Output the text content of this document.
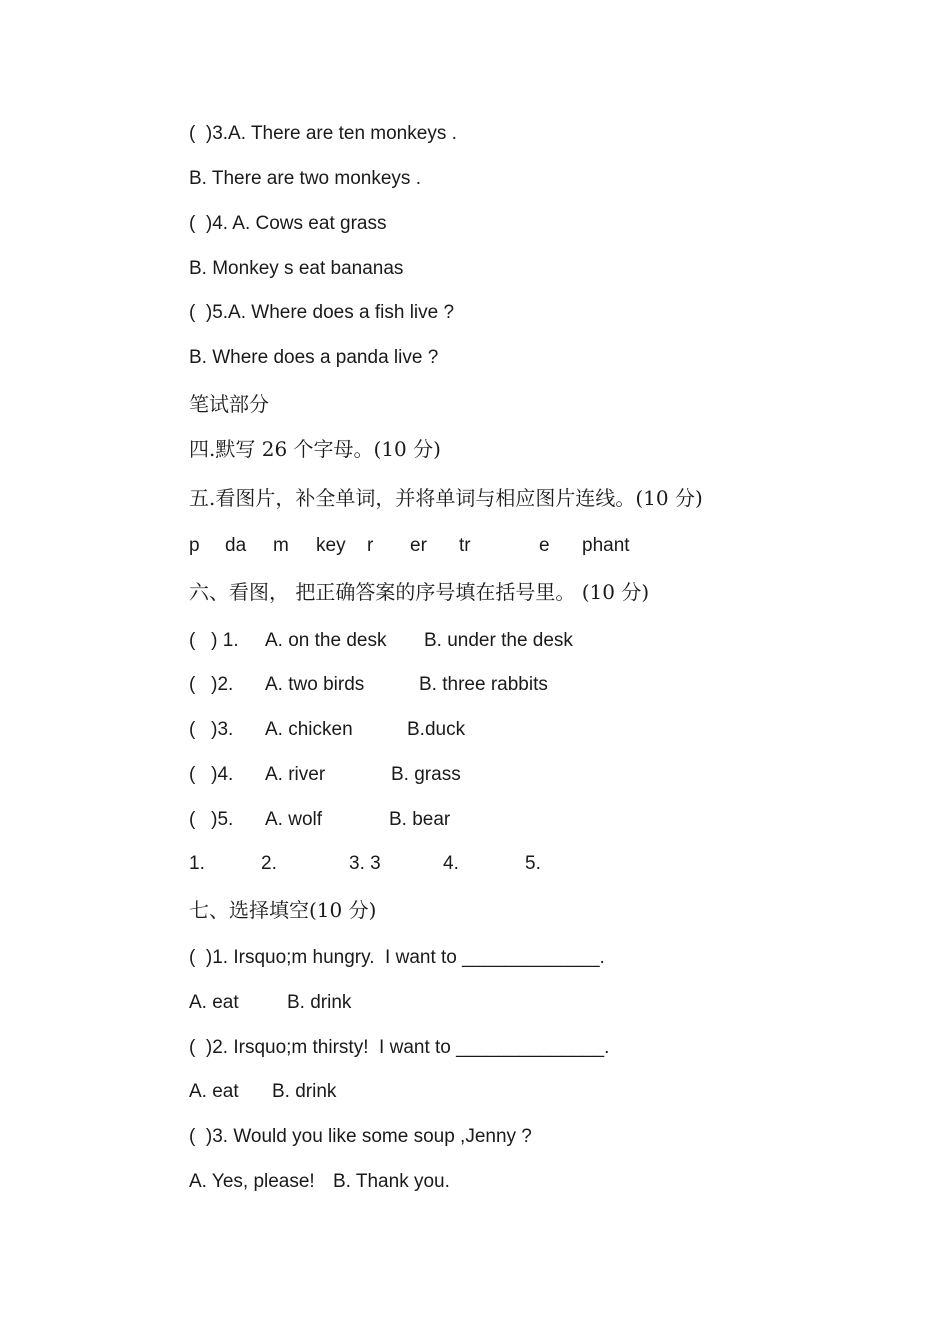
(  )3.A. There are ten monkeys .
B. There are two monkeys .
(  )4. A. Cows eat grass
B. Monkey s eat bananas
(  )5.A. Where does a fish live ?
B. Where does a panda live ?
笔试部分
四.默写 26 个字母。(10 分)
五.看图片，补全单词，并将单词与相应图片连线。(10 分)
p da m key r er tr	e phant
六、看图， 把正确答案的序号填在括号里。 (10 分)
(   ) 1. A. on the desk B. under the desk
(   )2. A. two birds	B. three rabbits
(   )3. A. chicken	B.duck
(   )4. A. river	B. grass
(   )5. A. wolf	B. bear
1.	2.	3. 3	4.	5.
七、选择填空(10 分)
(  )1. Irsquo;m hungry.  I want to _____________.
A. eat	B. drink
(  )2. Irsquo;m thirsty!  I want to ______________.
A. eat B. drink
(  )3. Would you like some soup ,Jenny ?
A. Yes, please! B. Thank you.
